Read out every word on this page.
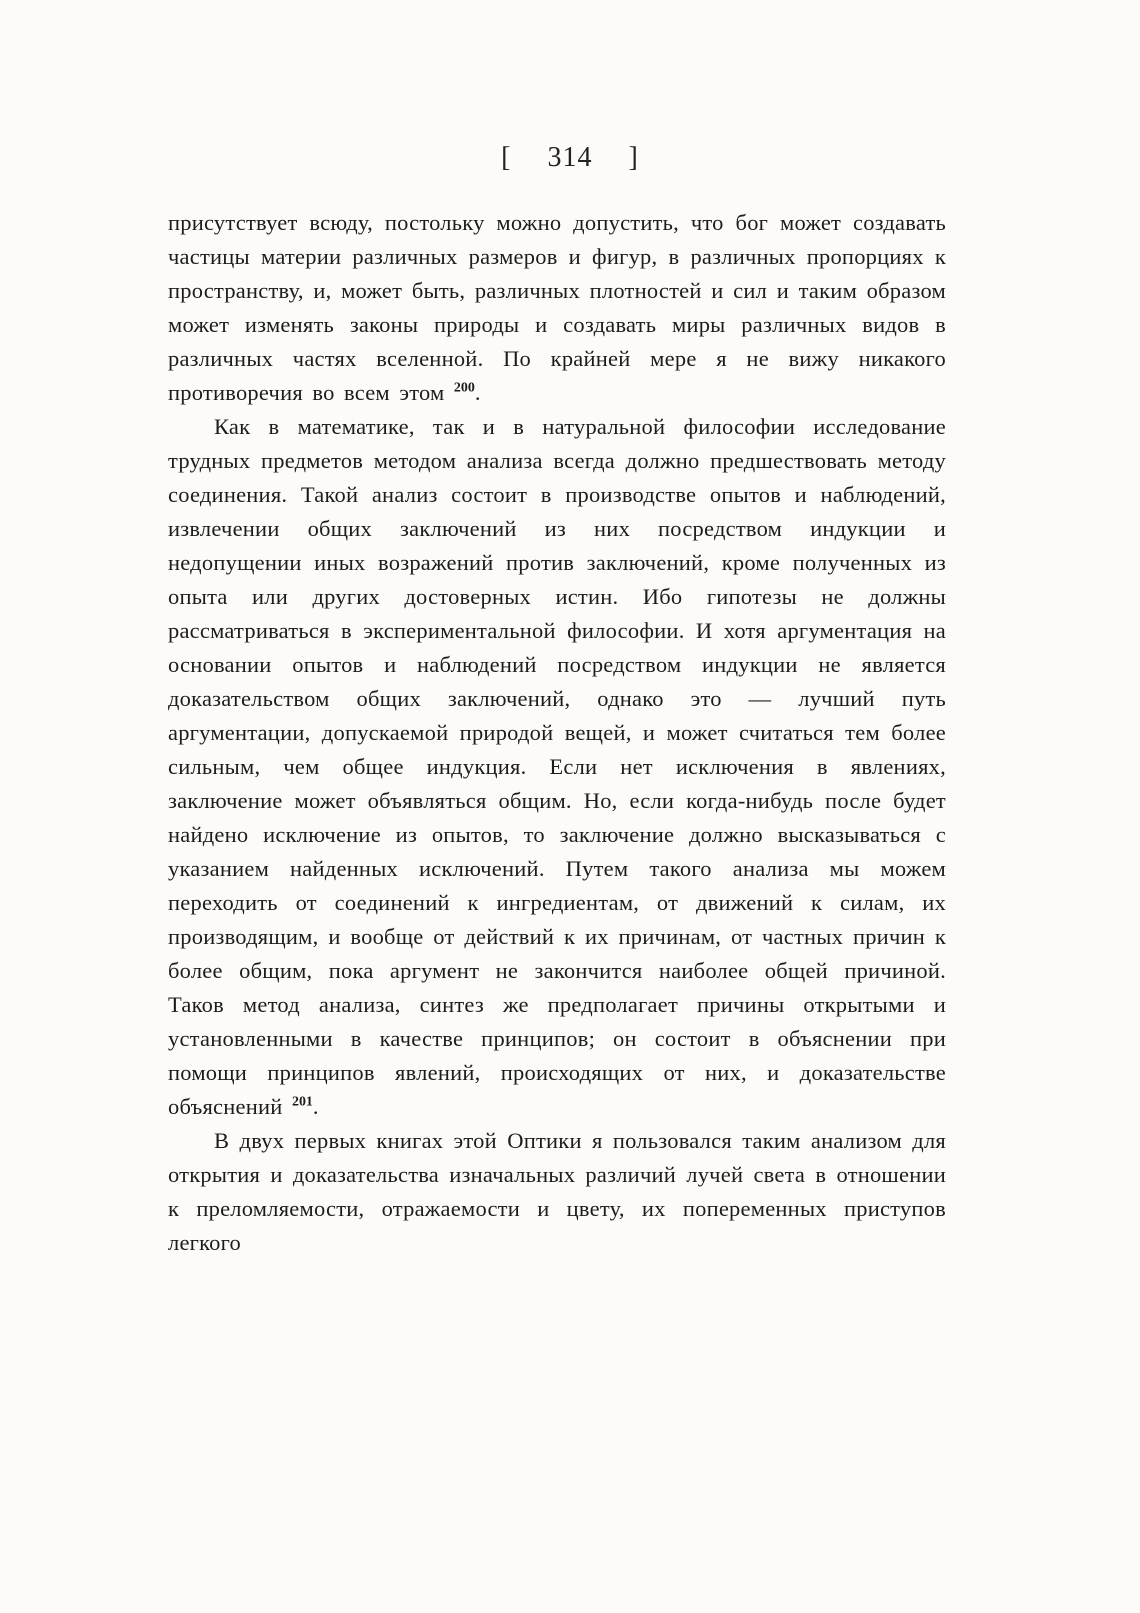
[ 314 ]

присутствует всюду, постольку можно допустить, что бог может создавать частицы материи различных размеров и фигур, в различных пропорциях к пространству, и, может быть, различных плотностей и сил и таким образом может изменять законы природы и создавать миры различных видов в различных частях вселенной. По крайней мере я не вижу никакого противоречия во всем этом $^{200}$.

Как в математике, так и в натуральной философии исследование трудных предметов методом анализа всегда должно предшествовать методу соединения. Такой анализ состоит в производстве опытов и наблюдений, извлечении общих заключений из них посредством индукции и недопущении иных возражений против заключений, кроме полученных из опыта или других достоверных истин. Ибо гипотезы не должны рассматриваться в экспериментальной философии. И хотя аргументация на основании опытов и наблюдений посредством индукции не является доказательством общих заключений, однако это — лучший путь аргументации, допускаемой природой вещей, и может считаться тем более сильным, чем общее индукция. Если нет исключения в явлениях, заключение может объявляться общим. Но, если когда-нибудь после будет найдено исключение из опытов, то заключение должно высказываться с указанием найденных исключений. Путем такого анализа мы можем переходить от соединений к ингредиентам, от движений к силам, их производящим, и вообще от действий к их причинам, от частных причин к более общим, пока аргумент не закончится наиболее общей причиной. Таков метод анализа, синтез же предполагает причины открытыми и установленными в качестве принципов; он состоит в объяснении при помощи принципов явлений, происходящих от них, и доказательстве объяснений $^{201}$.

В двух первых книгах этой Оптики я пользовался таким анализом для открытия и доказательства изначальных различий лучей света в отношении к преломляемости, отражаемости и цвету, их попеременных приступов легкого
